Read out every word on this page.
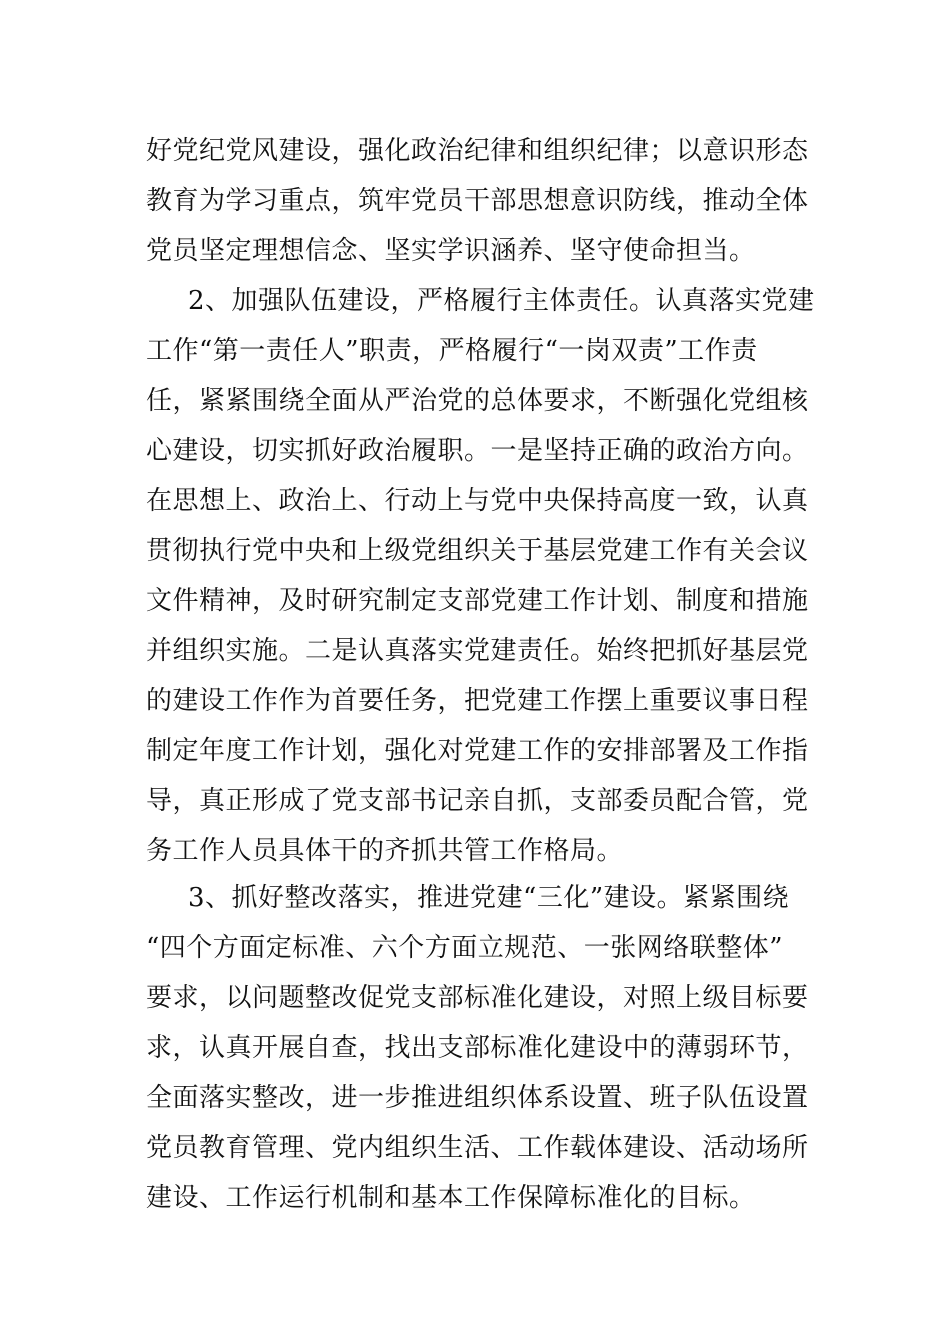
好党纪党风建设，强化政治纪律和组织纪律；以意识形态
教育为学习重点，筑牢党员干部思想意识防线，推动全体
党员坚定理想信念、坚实学识涵养、坚守使命担当。
2、加强队伍建设，严格履行主体责任。认真落实党建
工作“第一责任人”职责，严格履行“一岗双责”工作责
任，紧紧围绕全面从严治党的总体要求，不断强化党组核
心建设，切实抓好政治履职。一是坚持正确的政治方向。
在思想上、政治上、行动上与党中央保持高度一致，认真
贯彻执行党中央和上级党组织关于基层党建工作有关会议
文件精神，及时研究制定支部党建工作计划、制度和措施
并组织实施。二是认真落实党建责任。始终把抓好基层党
的建设工作作为首要任务，把党建工作摆上重要议事日程
制定年度工作计划，强化对党建工作的安排部署及工作指
导，真正形成了党支部书记亲自抓，支部委员配合管，党
务工作人员具体干的齐抓共管工作格局。
3、抓好整改落实，推进党建“三化”建设。紧紧围绕
“四个方面定标准、六个方面立规范、一张网络联整体”
要求，以问题整改促党支部标准化建设，对照上级目标要
求，认真开展自查，找出支部标准化建设中的薄弱环节，
全面落实整改，进一步推进组织体系设置、班子队伍设置
党员教育管理、党内组织生活、工作载体建设、活动场所
建设、工作运行机制和基本工作保障标准化的目标。
